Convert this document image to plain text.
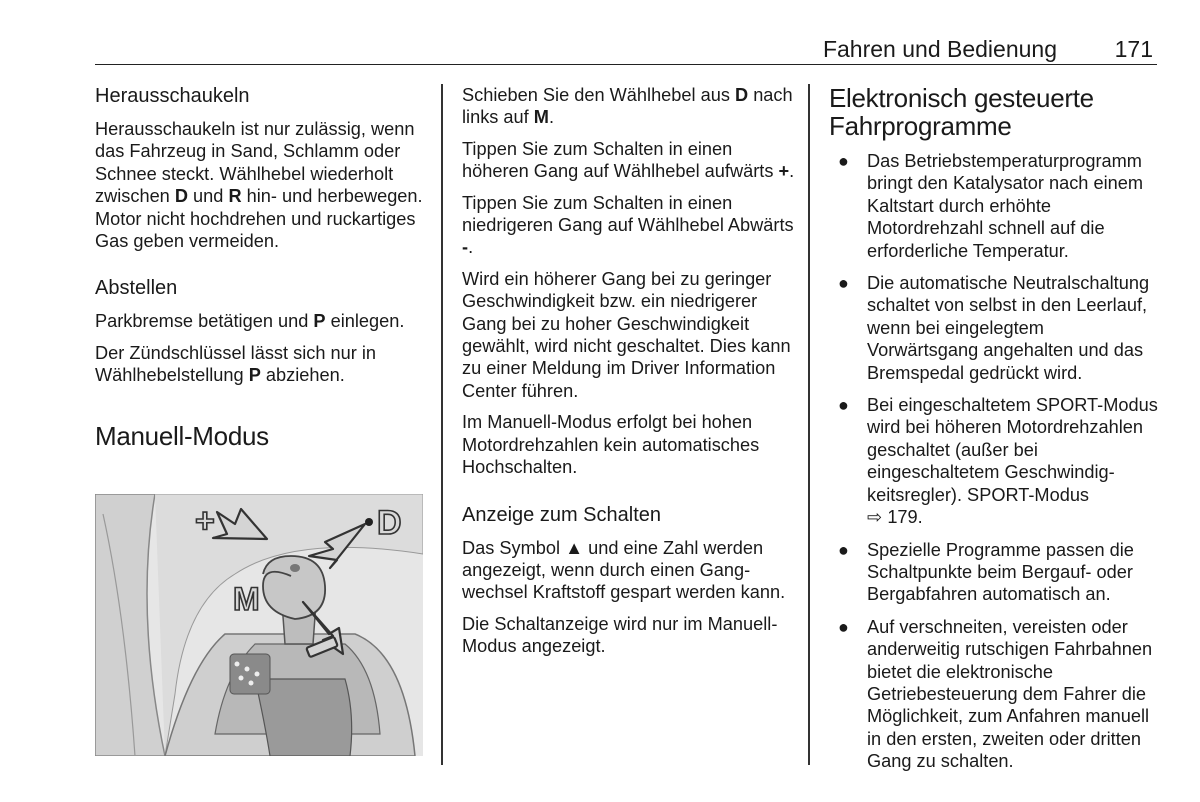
Fahren und Bedienung	171
Herausschaukeln

Herausschaukeln ist nur zulässig, wenn das Fahrzeug in Sand, Schlamm oder Schnee steckt. Wählhebel wiederholt zwischen D und R hin- und herbewegen. Motor nicht hochdrehen und ruckartiges Gas geben vermeiden.

Abstellen

Parkbremse betätigen und P einlegen.

Der Zündschlüssel lässt sich nur in Wählhebelstellung P abziehen.

Manuell-Modus
+
M
D

Schieben Sie den Wählhebel aus D nach links auf M.

Tippen Sie zum Schalten in einen höheren Gang auf Wählhebel aufwärts +.

Tippen Sie zum Schalten in einen niedrigeren Gang auf Wählhebel Abwärts -.

Wird ein höherer Gang bei zu geringer Geschwindigkeit bzw. ein niedrigerer Gang bei zu hoher Geschwindigkeit gewählt, wird nicht geschaltet. Dies kann zu einer Meldung im Driver Information Center führen.

Im Manuell-Modus erfolgt bei hohen Motordrehzahlen kein automatisches Hochschalten.

Anzeige zum Schalten

Das Symbol ▲ und eine Zahl werden angezeigt, wenn durch einen Gangwechsel Kraftstoff gespart werden kann.

Die Schaltanzeige wird nur im Manuell-Modus angezeigt.

Elektronisch gesteuerte Fahrprogramme
● Das Betriebstemperaturprogramm bringt den Katalysator nach einem Kaltstart durch erhöhte Motordrehzahl schnell auf die erforderliche Temperatur.
● Die automatische Neutralschaltung schaltet von selbst in den Leerlauf, wenn bei eingelegtem Vorwärtsgang angehalten und das Bremspedal gedrückt wird.
● Bei eingeschaltetem SPORT-Modus wird bei höheren Motordrehzahlen geschaltet (außer bei eingeschaltetem Geschwindigkeitsregler). SPORT-Modus
⇨ 179.
● Spezielle Programme passen die Schaltpunkte beim Bergauf- oder Bergabfahren automatisch an.
● Auf verschneiten, vereisten oder anderweitig rutschigen Fahrbahnen bietet die elektronische Getriebesteuerung dem Fahrer die Möglichkeit, zum Anfahren manuell in den ersten, zweiten oder dritten Gang zu schalten.
